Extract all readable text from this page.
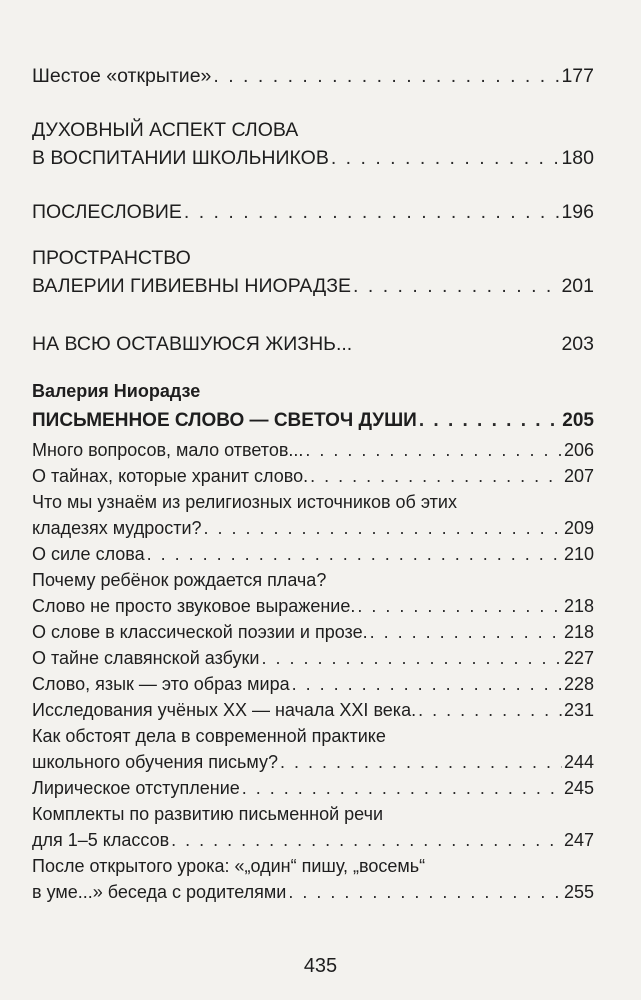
Шестое «открытие» . . .	177
ДУХОВНЫЙ АСПЕКТ СЛОВА
В ВОСПИТАНИИ ШКОЛЬНИКОВ . . .	180
ПОСЛЕСЛОВИЕ . . .	196
ПРОСТРАНСТВО
ВАЛЕРИИ ГИВИЕВНЫ НИОРАДЗЕ . . .	201
НА ВСЮ ОСТАВШУЮСЯ ЖИЗНЬ...	203
Валерия Ниорадзе
ПИСЬМЕННОЕ СЛОВО — СВЕТОЧ ДУШИ . . .	205
Много вопросов, мало ответов... . . .	206
О тайнах, которые хранит слово. . . .	207
Что мы узнаём из религиозных источников об этих
кладезях мудрости? . . .	209
О силе слова . . .	210
Почему ребёнок рождается плача?
Слово не просто звуковое выражение. . . .	218
О слове в классической поэзии и прозе. . . .	218
О тайне славянской азбуки . . .	227
Слово, язык — это образ мира . . .	228
Исследования учёных XX — начала XXI века. . . .	231
Как обстоят дела в современной практике
школьного обучения письму? . . .	244
Лирическое отступление . . .	245
Комплекты по развитию письменной речи
для 1–5 классов . . .	247
После открытого урока: «„один“ пишу, „восемь“
в уме...» беседа с родителями . . .	255
435
